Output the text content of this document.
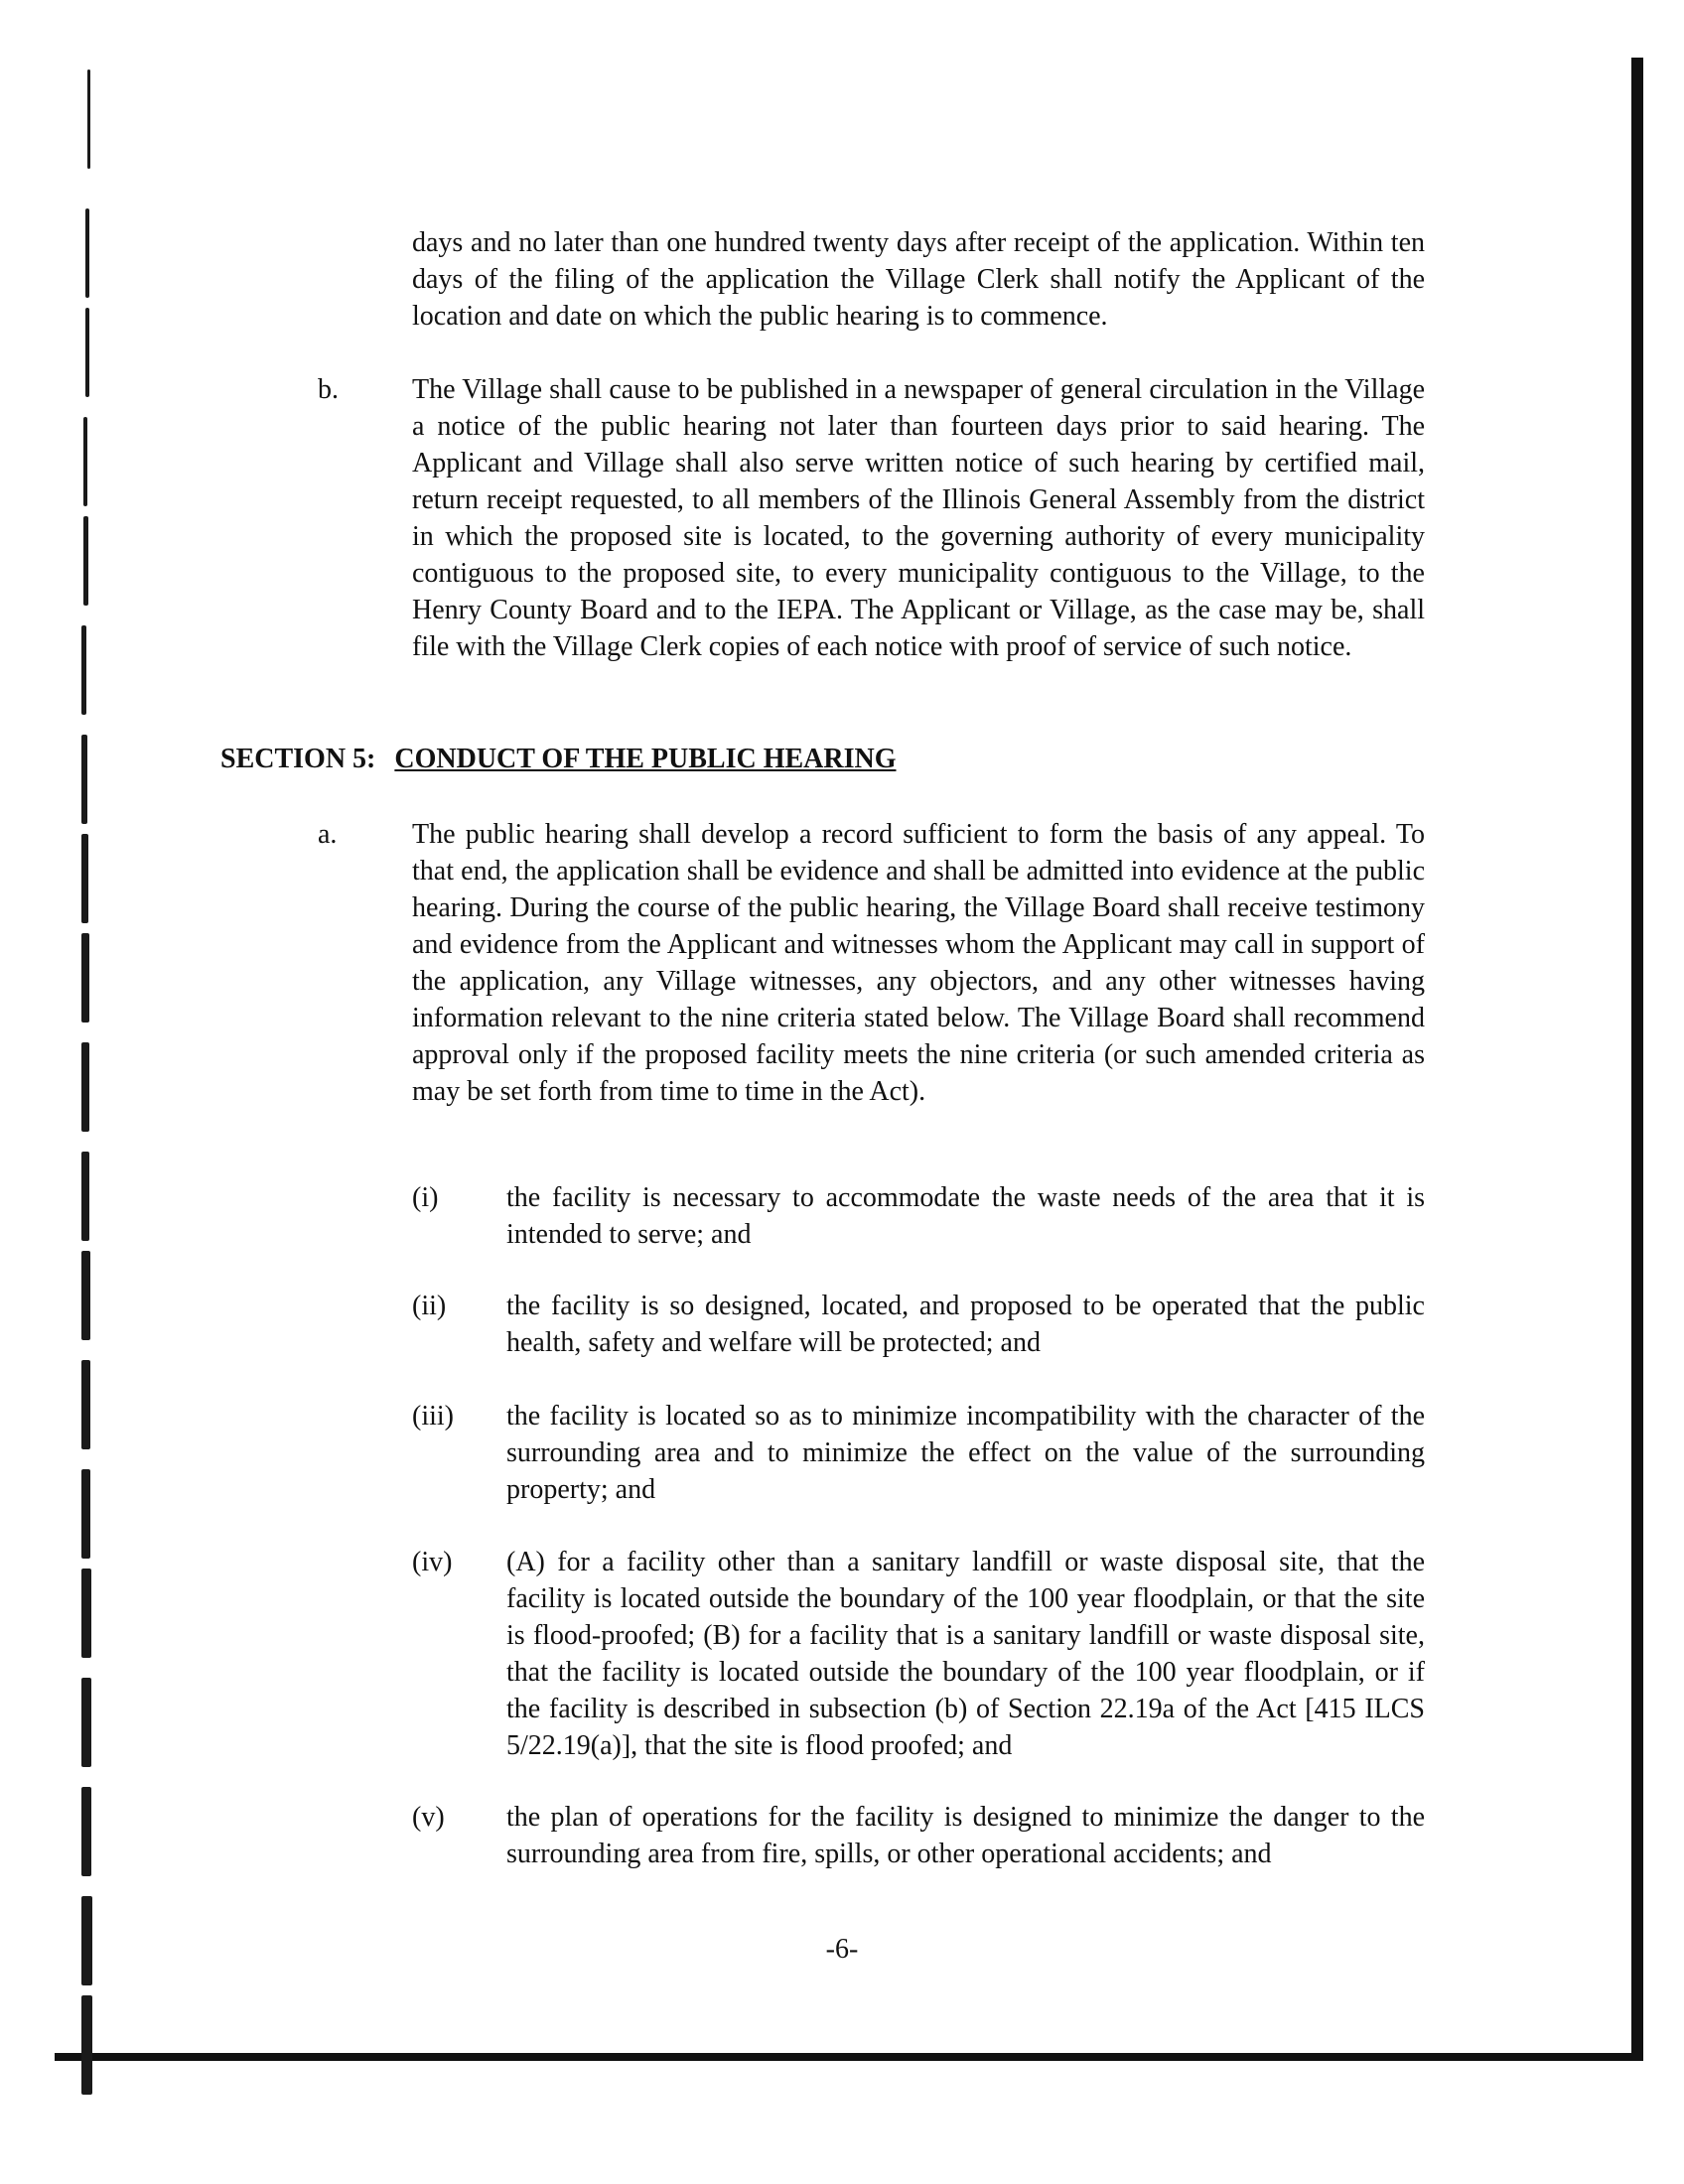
days and no later than one hundred twenty days after receipt of the application. Within ten days of the filing of the application the Village Clerk shall notify the Applicant of the location and date on which the public hearing is to commence.
b.	The Village shall cause to be published in a newspaper of general circulation in the Village a notice of the public hearing not later than fourteen days prior to said hearing. The Applicant and Village shall also serve written notice of such hearing by certified mail, return receipt requested, to all members of the Illinois General Assembly from the district in which the proposed site is located, to the governing authority of every municipality contiguous to the proposed site, to every municipality contiguous to the Village, to the Henry County Board and to the IEPA. The Applicant or Village, as the case may be, shall file with the Village Clerk copies of each notice with proof of service of such notice.
SECTION 5: CONDUCT OF THE PUBLIC HEARING
a.	The public hearing shall develop a record sufficient to form the basis of any appeal. To that end, the application shall be evidence and shall be admitted into evidence at the public hearing. During the course of the public hearing, the Village Board shall receive testimony and evidence from the Applicant and witnesses whom the Applicant may call in support of the application, any Village witnesses, any objectors, and any other witnesses having information relevant to the nine criteria stated below. The Village Board shall recommend approval only if the proposed facility meets the nine criteria (or such amended criteria as may be set forth from time to time in the Act).
(i) the facility is necessary to accommodate the waste needs of the area that it is intended to serve; and
(ii) the facility is so designed, located, and proposed to be operated that the public health, safety and welfare will be protected; and
(iii) the facility is located so as to minimize incompatibility with the character of the surrounding area and to minimize the effect on the value of the surrounding property; and
(iv) (A) for a facility other than a sanitary landfill or waste disposal site, that the facility is located outside the boundary of the 100 year floodplain, or that the site is flood-proofed; (B) for a facility that is a sanitary landfill or waste disposal site, that the facility is located outside the boundary of the 100 year floodplain, or if the facility is described in subsection (b) of Section 22.19a of the Act [415 ILCS 5/22.19(a)], that the site is flood proofed; and
(v) the plan of operations for the facility is designed to minimize the danger to the surrounding area from fire, spills, or other operational accidents; and
-6-
